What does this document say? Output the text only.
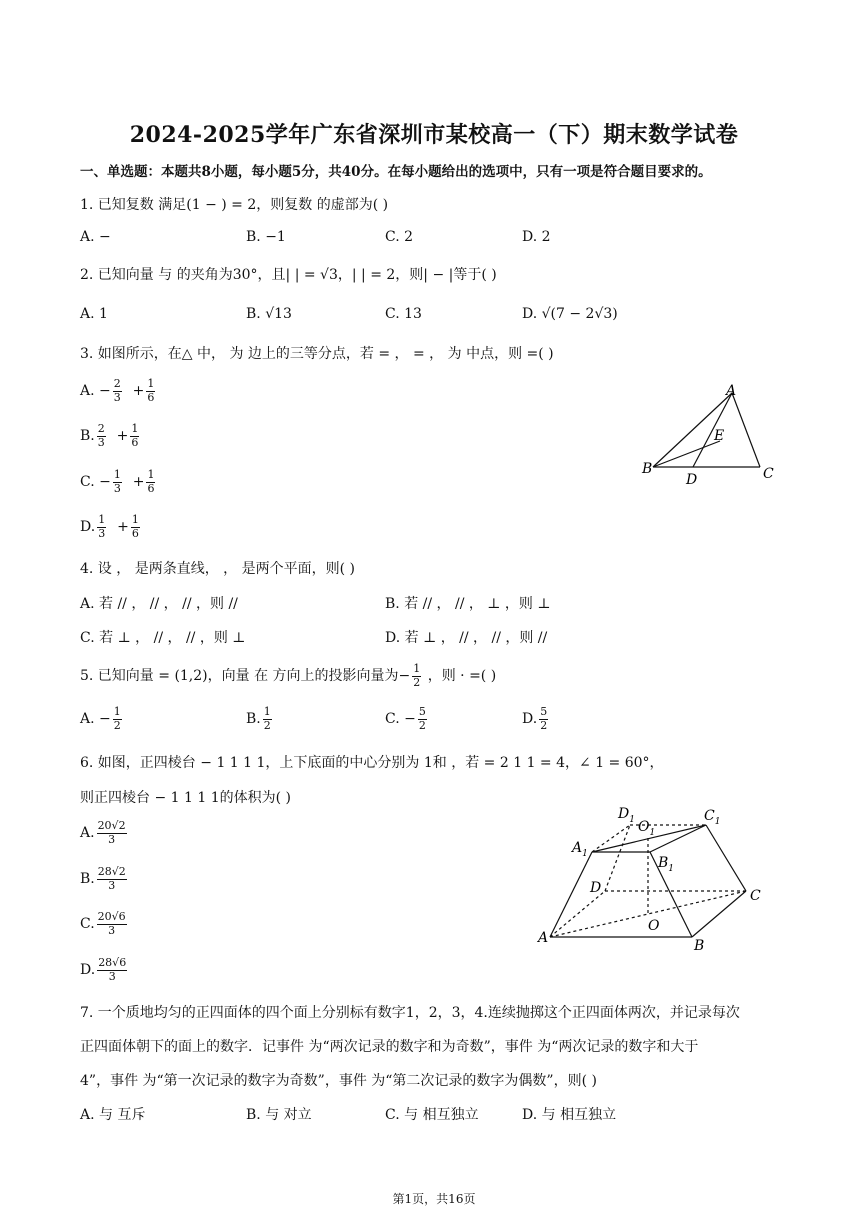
2024-2025学年广东省深圳市某校高一（下）期末数学试卷
一、单选题：本题共8小题，每小题5分，共40分。在每小题给出的选项中，只有一项是符合题目要求的。
1. 已知复数 满足(1 − ) = 2，则复数 的虚部为( )
A. −	B. −1	C. 2	D. 2
2. 已知向量 与 的夹角为30°，且| | = √3，| | = 2，则| − |等于( )
A. 1	B. √13	C. 13	D. √(7 − 2√3)
3. 如图所示，在△ 中， 为 边上的三等分点，若 = ， = ， 为 中点，则 =( )
A. − $\frac{2}{3} + \frac{1}{6}$
B. $\frac{2}{3} + \frac{1}{6}$
C. − $\frac{1}{3} + \frac{1}{6}$
D. $\frac{1}{3} + \frac{1}{6}$
A
B	C
D
E
4. 设 ， 是两条直线， ， 是两个平面，则( )
A. 若 // ， // ， // ，则 //	B. 若 // ， // ， ⊥ ，则 ⊥
C. 若 ⊥ ， // ， // ，则 ⊥	D. 若 ⊥ ， // ， // ，则 //
5. 已知向量 = (1,2)，向量 在 方向上的投影向量为− $\frac{1}{2}$ ，则 · =( )
A. − $\frac{1}{2}$	B. $\frac{1}{2}$	C. − $\frac{5}{2}$	D. $\frac{5}{2}$
6. 如图，正四棱台 − 1 1 1 1，上下底面的中心分别为 1和 ，若 = 2 1 1 = 4，∠ 1 = 60°，
则正四棱台 − 1 1 1 1的体积为( )
A. $\frac{20√2}{3}$
B. $\frac{28√2}{3}$
C. $\frac{20√6}{3}$
D. $\frac{28√6}{3}$
A	B
C
D
O
$A_1$
$B_1$
$C_1$
$D_1$ $O_1$
7. 一个质地均匀的正四面体的四个面上分别标有数字1，2，3，4.连续抛掷这个正四面体两次，并记录每次
正四面体朝下的面上的数字．记事件 为“两次记录的数字和为奇数”，事件 为“两次记录的数字和大于
4”，事件 为“第一次记录的数字为奇数”，事件 为“第二次记录的数字为偶数”，则( )
A. 与 互斥	B. 与 对立	C. 与 相互独立	D. 与 相互独立
第1页，共16页
